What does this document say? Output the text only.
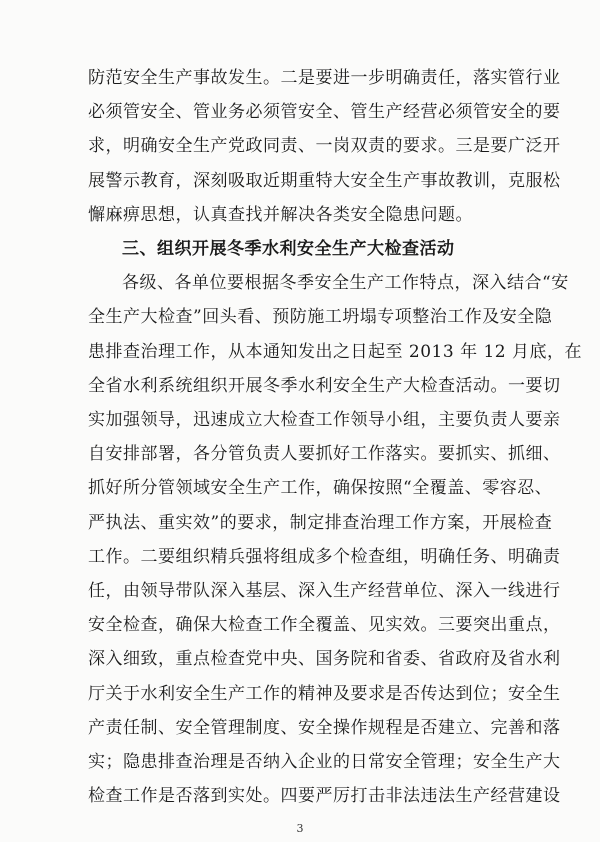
防范安全生产事故发生。二是要进一步明确责任，落实管行业
必须管安全、管业务必须管安全、管生产经营必须管安全的要
求，明确安全生产党政同责、一岗双责的要求。三是要广泛开
展警示教育，深刻吸取近期重特大安全生产事故教训，克服松
懈麻痹思想，认真查找并解决各类安全隐患问题。
三、组织开展冬季水利安全生产大检查活动
各级、各单位要根据冬季安全生产工作特点，深入结合“安
全生产大检查”回头看、预防施工坍塌专项整治工作及安全隐
患排查治理工作，从本通知发出之日起至 2013 年 12 月底，在
全省水利系统组织开展冬季水利安全生产大检查活动。一要切
实加强领导，迅速成立大检查工作领导小组，主要负责人要亲
自安排部署，各分管负责人要抓好工作落实。要抓实、抓细、
抓好所分管领域安全生产工作，确保按照“全覆盖、零容忍、
严执法、重实效”的要求，制定排查治理工作方案，开展检查
工作。二要组织精兵强将组成多个检查组，明确任务、明确责
任，由领导带队深入基层、深入生产经营单位、深入一线进行
安全检查，确保大检查工作全覆盖、见实效。三要突出重点，
深入细致，重点检查党中央、国务院和省委、省政府及省水利
厅关于水利安全生产工作的精神及要求是否传达到位；安全生
产责任制、安全管理制度、安全操作规程是否建立、完善和落
实；隐患排查治理是否纳入企业的日常安全管理；安全生产大
检查工作是否落到实处。四要严厉打击非法违法生产经营建设
3
